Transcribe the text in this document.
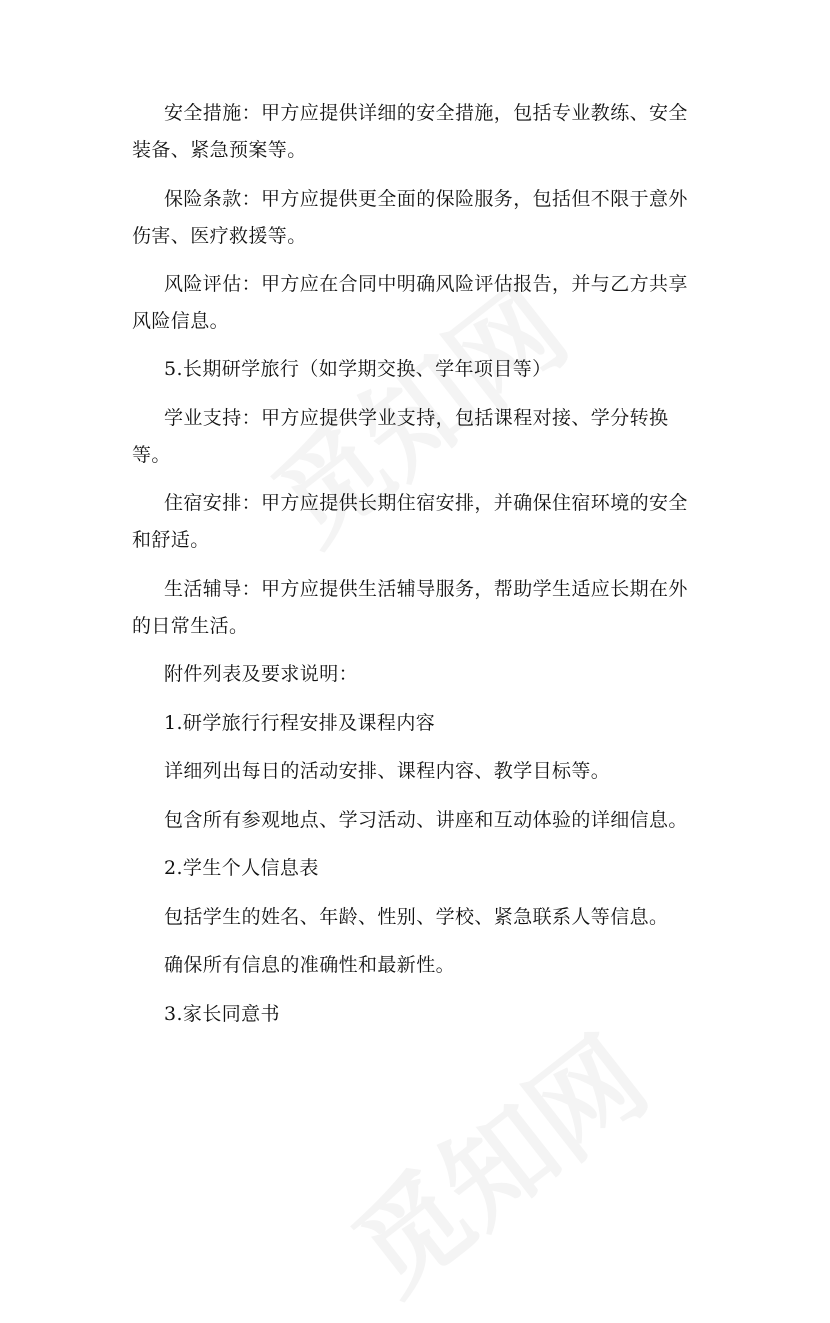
安全措施：甲方应提供详细的安全措施，包括专业教练、安全
装备、紧急预案等。
保险条款：甲方应提供更全面的保险服务，包括但不限于意外
伤害、医疗救援等。
风险评估：甲方应在合同中明确风险评估报告，并与乙方共享
风险信息。
5.长期研学旅行（如学期交换、学年项目等）
学业支持：甲方应提供学业支持，包括课程对接、学分转换
等。
住宿安排：甲方应提供长期住宿安排，并确保住宿环境的安全
和舒适。
生活辅导：甲方应提供生活辅导服务，帮助学生适应长期在外
的日常生活。
附件列表及要求说明：
1.研学旅行行程安排及课程内容
详细列出每日的活动安排、课程内容、教学目标等。
包含所有参观地点、学习活动、讲座和互动体验的详细信息。
2.学生个人信息表
包括学生的姓名、年龄、性别、学校、紧急联系人等信息。
确保所有信息的准确性和最新性。
3.家长同意书
